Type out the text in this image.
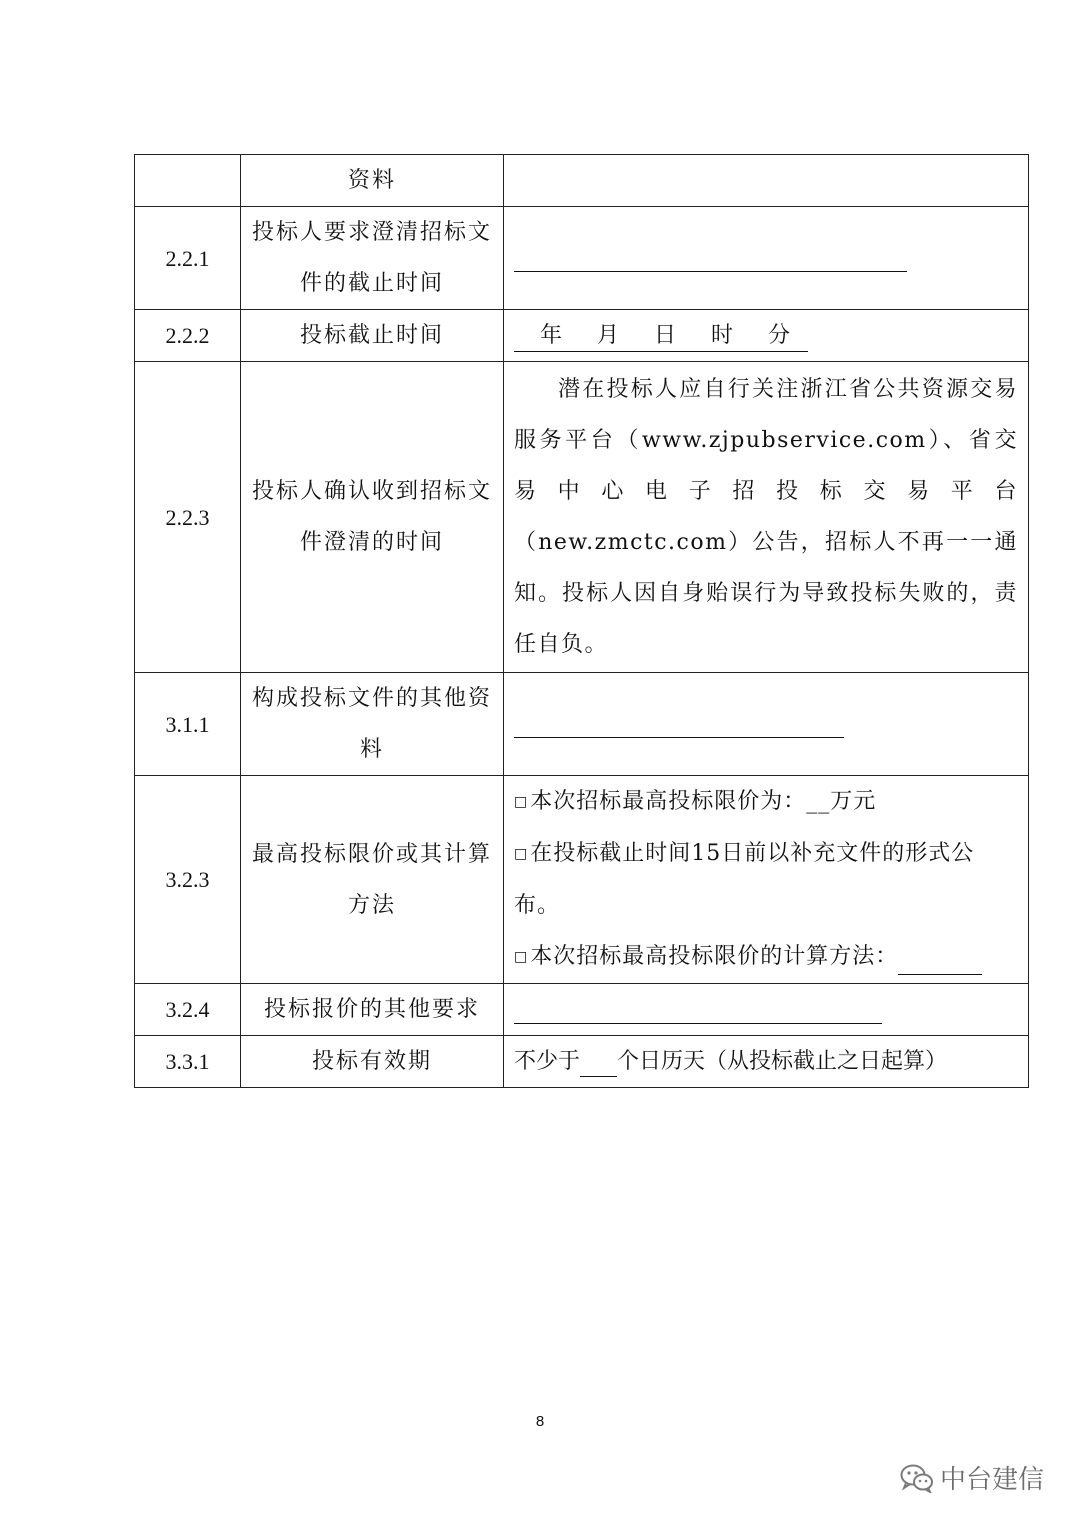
	资料	
2.2.1	投标人要求澄清招标文件的截止时间	
2.2.2	投标截止时间	年 月 日 时 分
2.2.3	投标人确认收到招标文件澄清的时间	潜在投标人应自行关注浙江省公共资源交易服务平台（www.zjpubservice.com）、省交易中心电子招投标交易平台（new.zmctc.com）公告，招标人不再一一通知。投标人因自身贻误行为导致投标失败的，责任自负。

3.1.1	构成投标文件的其他资料	
3.2.3	最高投标限价或其计算方法	□本次招标最高投标限价为：__万元
□在投标截止时间15日前以补充文件的形式公布。
□本次招标最高投标限价的计算方法：

3.2.4	投标报价的其他要求	
3.3.1	投标有效期	不少于 个日历天（从投标截止之日起算）
8
中台建信
